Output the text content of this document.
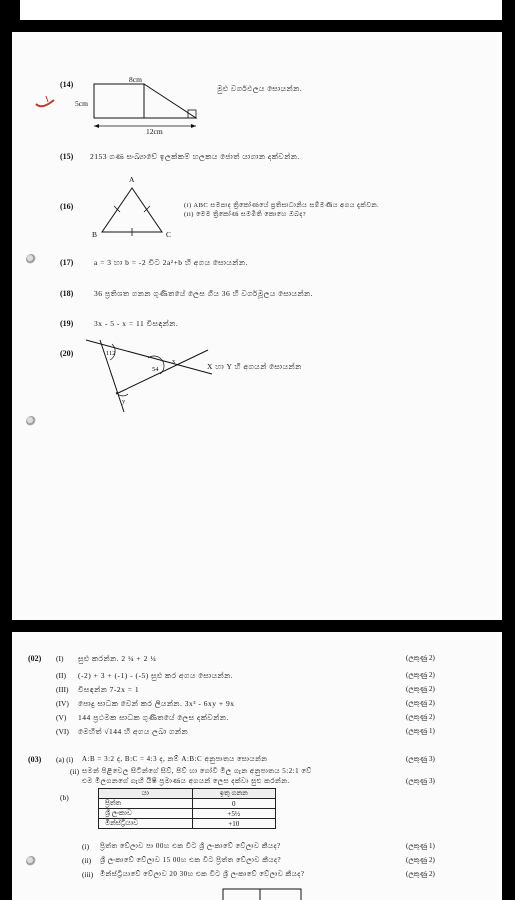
(14)
8cm
5cm
12cm
මුළු වර්ගඵලය සොයන්න.
(15) 2153 ගණ සංඛ්‍යාවේ ඉලක්කම් හලකය ජොත් යාගාන දක්වන්න.
(16)
A
B	C
(i) ABC සමපාද ත්‍රිකෝණයේ ප්‍රතිසාධානිය සම්මණිය අගය දැක්වන.
(ii) මෙම ත්‍රිකෝණ සමමිති කොහෙ ඔබද?
(17)	a = 3 හා b = -2 විට 2a²+b හි අගය සොයන්න.
(18)	36 ප්‍රතිශත ගනන ගුණිතයේ ලෙස ගිය 36 හි වර්ගමූලය සොයන්න.
(19)	3x - 5 - x = 11 විසඳන්න.
(20)	112
54
x
y
X හා Y හි අගයන් සොයන්න
(02) (I) සුළු කරන්න. 2 ¼ + 2 ¼	(ලකුණු 2)
(II) (-2) + 3 + (-1) - (-5) සුළු කර අගය සොයන්න.	(ලකුණු 2)
(III) විසඳන්න 7-2x = 1	(ලකුණු 2)
(IV) පොදු සාධක වෙන් කර ලියන්න. 3x³ - 6xy + 9x	(ලකුණු 2)
(V) 144 ප්‍රථමක සාධක ගුණිතයේ ලෙස දක්වන්න.	(ලකුණු 2)
(VI) මෙහිත් √144 හි අගය ලබා ගන්න	(ලකුණු 1)
(03) (a) (i) A:B = 3:2 ද, B:C = 4:3 ද, නම් A:B:C අනුපාතය සොයන්න	(ලකුණු 3)
(ii) සමන් පිළිවෙල සිටින්ගේ සිව්, පිව් හා ගෝවි මිල ගැන අනුපාතය 5:2:1 වේ
එම මිලගනගේ ගැහී යිෂී ප්‍රමාණය අගයන් ලෙස දක්වා සුළු කරන්න.	(ලකුණු 3)
(b)	යා	ඉතු ගනන
ප්‍රිත්ත	0
ශ්‍රී ලංකාව	+5½
මින්ස්ට්‍රියාව	+10
(i) ප්‍රිත්ත වේලාව පා 00හ එක විට ශ්‍රී ලංකාවේ වේලාව කීයද?	(ලකුණු 1)
(ii) ශ්‍රී ලංකාවේ වේලාව 15 00හ එක විට ප්‍රිත්ත වේලාව කීයද?	(ලකුණු 2)
(iii) මින්ස්ට්‍රියාවේ වේලාව 20 30හ එක විට ශ්‍රී ලංකාවේ වේලාව කීයද?	(ලකුණු 2)
